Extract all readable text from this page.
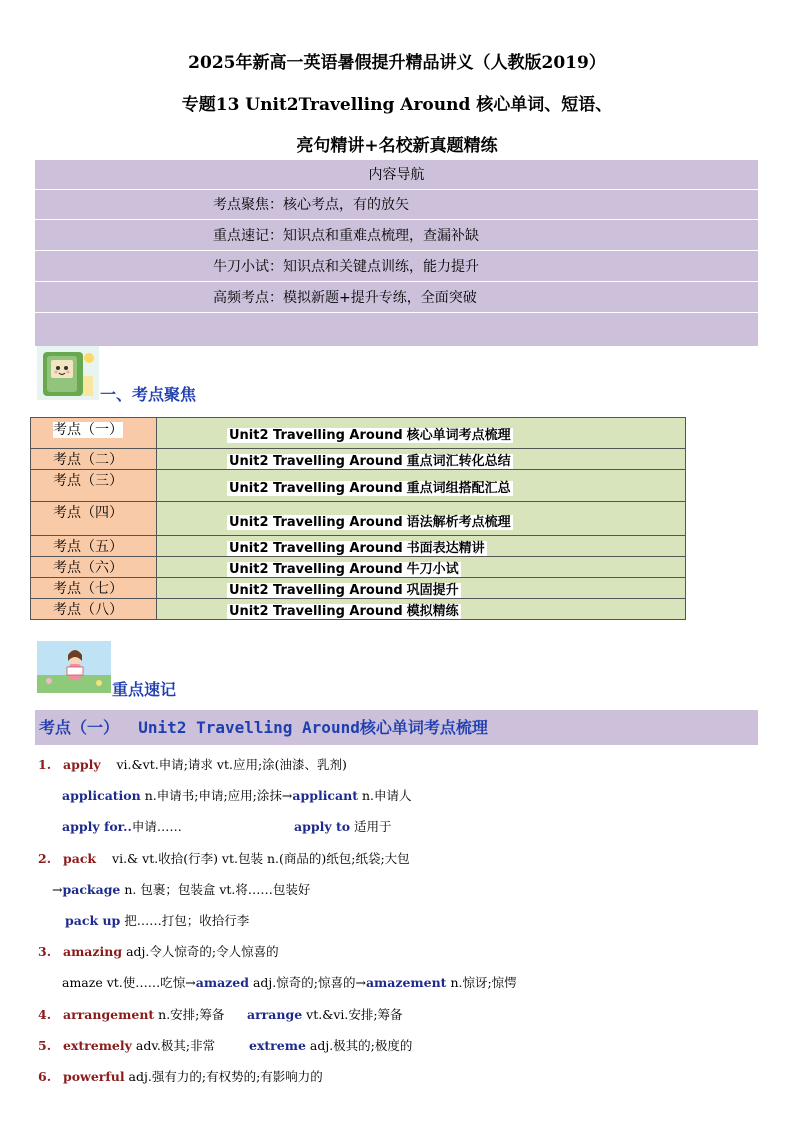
2025年新高一英语暑假提升精品讲义（人教版2019）
专题13 Unit2Travelling Around 核心单词、短语、
亮句精讲+名校新真题精练
内容导航
考点聚焦：核心考点，有的放矢
重点速记：知识点和重难点梳理，查漏补缺
牛刀小试：知识点和关键点训练，能力提升
高频考点：模拟新题+提升专练，全面突破
一、考点聚焦
考点（一）	Unit2 Travelling Around 核心单词考点梳理
考点（二）	Unit2 Travelling Around 重点词汇转化总结
考点（三）	Unit2 Travelling Around 重点词组搭配汇总
考点（四）	Unit2 Travelling Around 语法解析考点梳理
考点（五）	Unit2 Travelling Around 书面表达精讲
考点（六）	Unit2 Travelling Around 牛刀小试
考点（七）	Unit2 Travelling Around 巩固提升
考点（八）	Unit2 Travelling Around 模拟精练
重点速记
考点（一） Unit2 Travelling Around核心单词考点梳理
1. apply vi.&vt.申请;请求 vt.应用;涂(油漆、乳剂)
application n.申请书;申请;应用;涂抹→applicant n.申请人
apply for..申请……	apply to 适用于
2. pack vi.& vt.收拾(行李) vt.包装 n.(商品的)纸包;纸袋;大包
→package n. 包裹；包装盒 vt.将……包装好
pack up 把……打包；收拾行李
3. amazing adj.令人惊奇的;令人惊喜的
amaze vt.使……吃惊→amazed adj.惊奇的;惊喜的→amazement n.惊讶;惊愕
4. arrangement n.安排;筹备 arrange vt.&vi.安排;筹备
5. extremely adv.极其;非常	extreme adj.极其的;极度的
6. powerful adj.强有力的;有权势的;有影响力的
